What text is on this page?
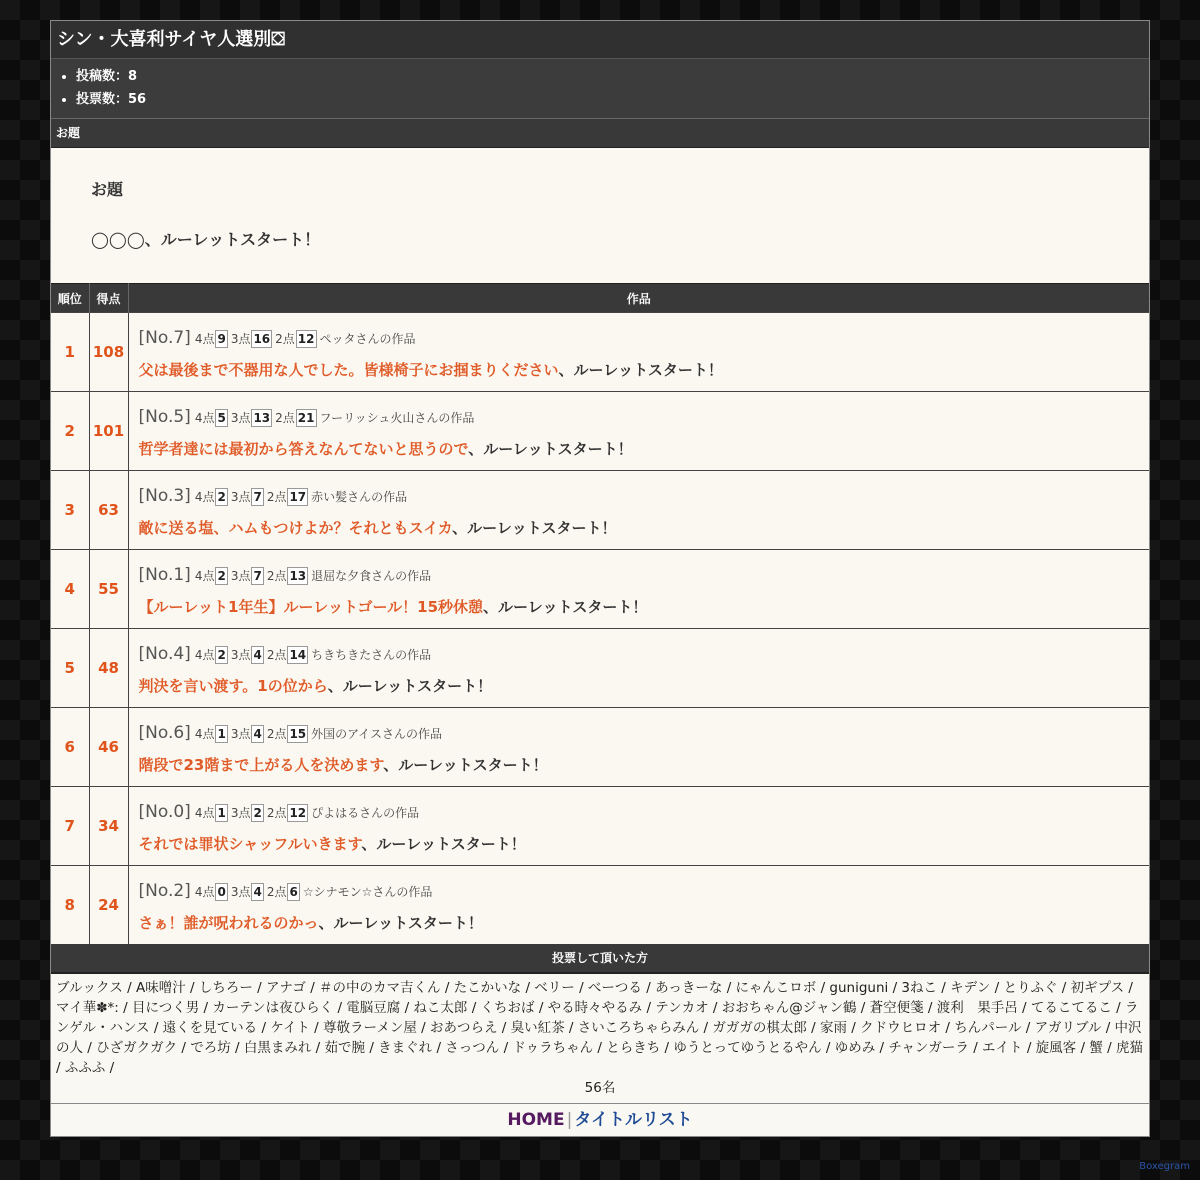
シン・大喜利サイヤ人選別⛋
• 投稿数：8
• 投票数：56
お題
お題
◯◯◯、ルーレットスタート！
順位	得点	作品
1	108	[No.7] 4点 9 3点 16 2点 12 ペッタさんの作品
父は最後まで不器用な人でした。皆様椅子にお掴まりください、ルーレットスタート！

2	101	[No.5] 4点 5 3点 13 2点 21 フーリッシュ火山さんの作品
哲学者達には最初から答えなんてないと思うので、ルーレットスタート！

3	63	[No.3] 4点 2 3点 7 2点 17 赤い髪さんの作品
敵に送る塩、ハムもつけよか？それともスイカ、ルーレットスタート！

4	55	[No.1] 4点 2 3点 7 2点 13 退屈な夕食さんの作品
【ルーレット1年生】ルーレットゴール！15秒休憩、ルーレットスタート！

5	48	[No.4] 4点 2 3点 4 2点 14 ちきちきたさんの作品
判決を言い渡す。1の位から、ルーレットスタート！

6	46	[No.6] 4点 1 3点 4 2点 15 外国のアイスさんの作品
階段で23階まで上がる人を決めます、ルーレットスタート！

7	34	[No.0] 4点 1 3点 2 2点 12 ぴよはるさんの作品
それでは罪状シャッフルいきます、ルーレットスタート！

8	24	[No.2] 4点 0 3点 4 2点 6 ☆シナモン☆さんの作品
さぁ！誰が呪われるのかっ、ルーレットスタート！
投票して頂いた方
ブルックス / A味噌汁 / しちろー / アナゴ / ＃の中のカマ吉くん / たこかいな / ベリー / べーつる / あっきーな / にゃんこロボ / guniguni / 3ねこ / キデン / とりふぐ / 初ギプス / マイ華✽*: / 目につく男 / カーテンは夜ひらく / 電脳豆腐 / ねこ太郎 / くちおば / やる時々やるみ / テンカオ / おおちゃん@ジャン鶴 / 蒼空便箋 / 渡利　果手呂 / てるこてるこ / ランゲル・ハンス / 遠くを見ている / ケイト / 尊敬ラーメン屋 / おあつらえ / 臭い紅茶 / さいころちゃらみん / ガガガの棋太郎 / 家雨 / クドウヒロオ / ちんパール / アガリブル / 中沢の人 / ひざガクガク / でろ坊 / 白黒まみれ / 茹で腕 / きまぐれ / さっつん / ドゥラちゃん / とらきち / ゆうとってゆうとるやん / ゆめみ / チャンガーラ / エイト / 旋風客 / 蟹 / 虎猫 / ふふふ /
56名
HOME | タイトルリスト
Boxegram
